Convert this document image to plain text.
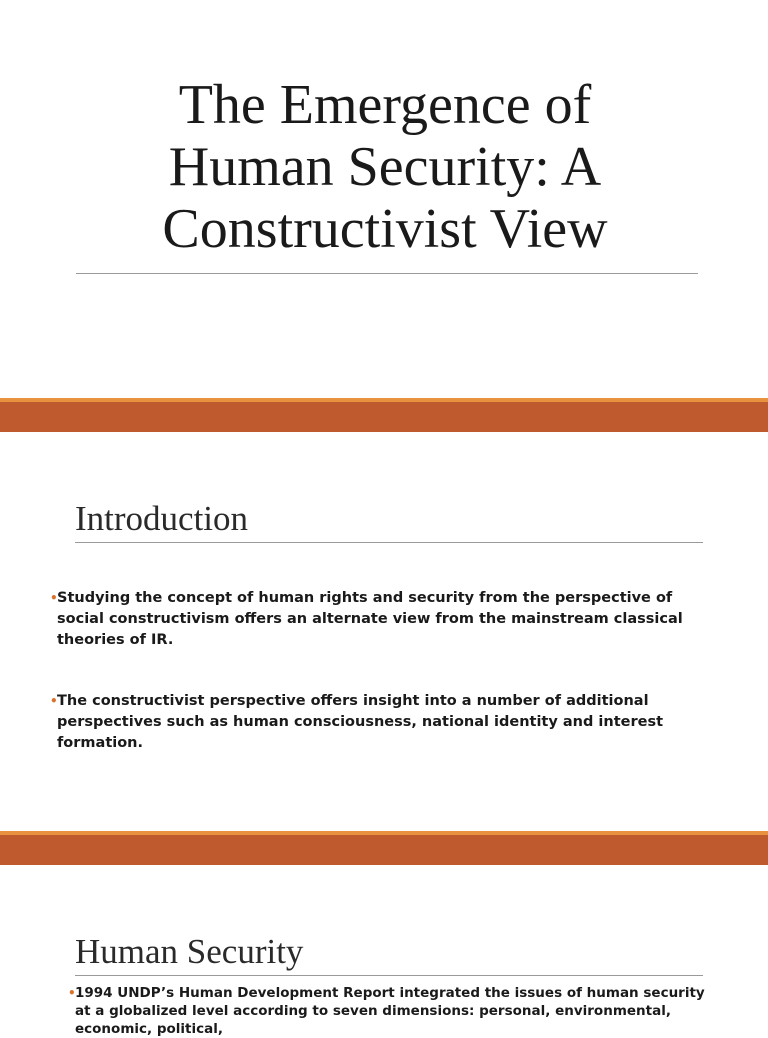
The Emergence of
Human Security: A
Constructivist View
Introduction
• Studying the concept of human rights and security from the perspective of social constructivism offers an alternate view from the mainstream classical theories of IR.
• The constructivist perspective offers insight into a number of additional perspectives such as human consciousness, national identity and interest formation.
Human Security
• 1994 UNDP’s Human Development Report integrated the issues of human security at a globalized level according to seven dimensions: personal, environmental, economic, political,
